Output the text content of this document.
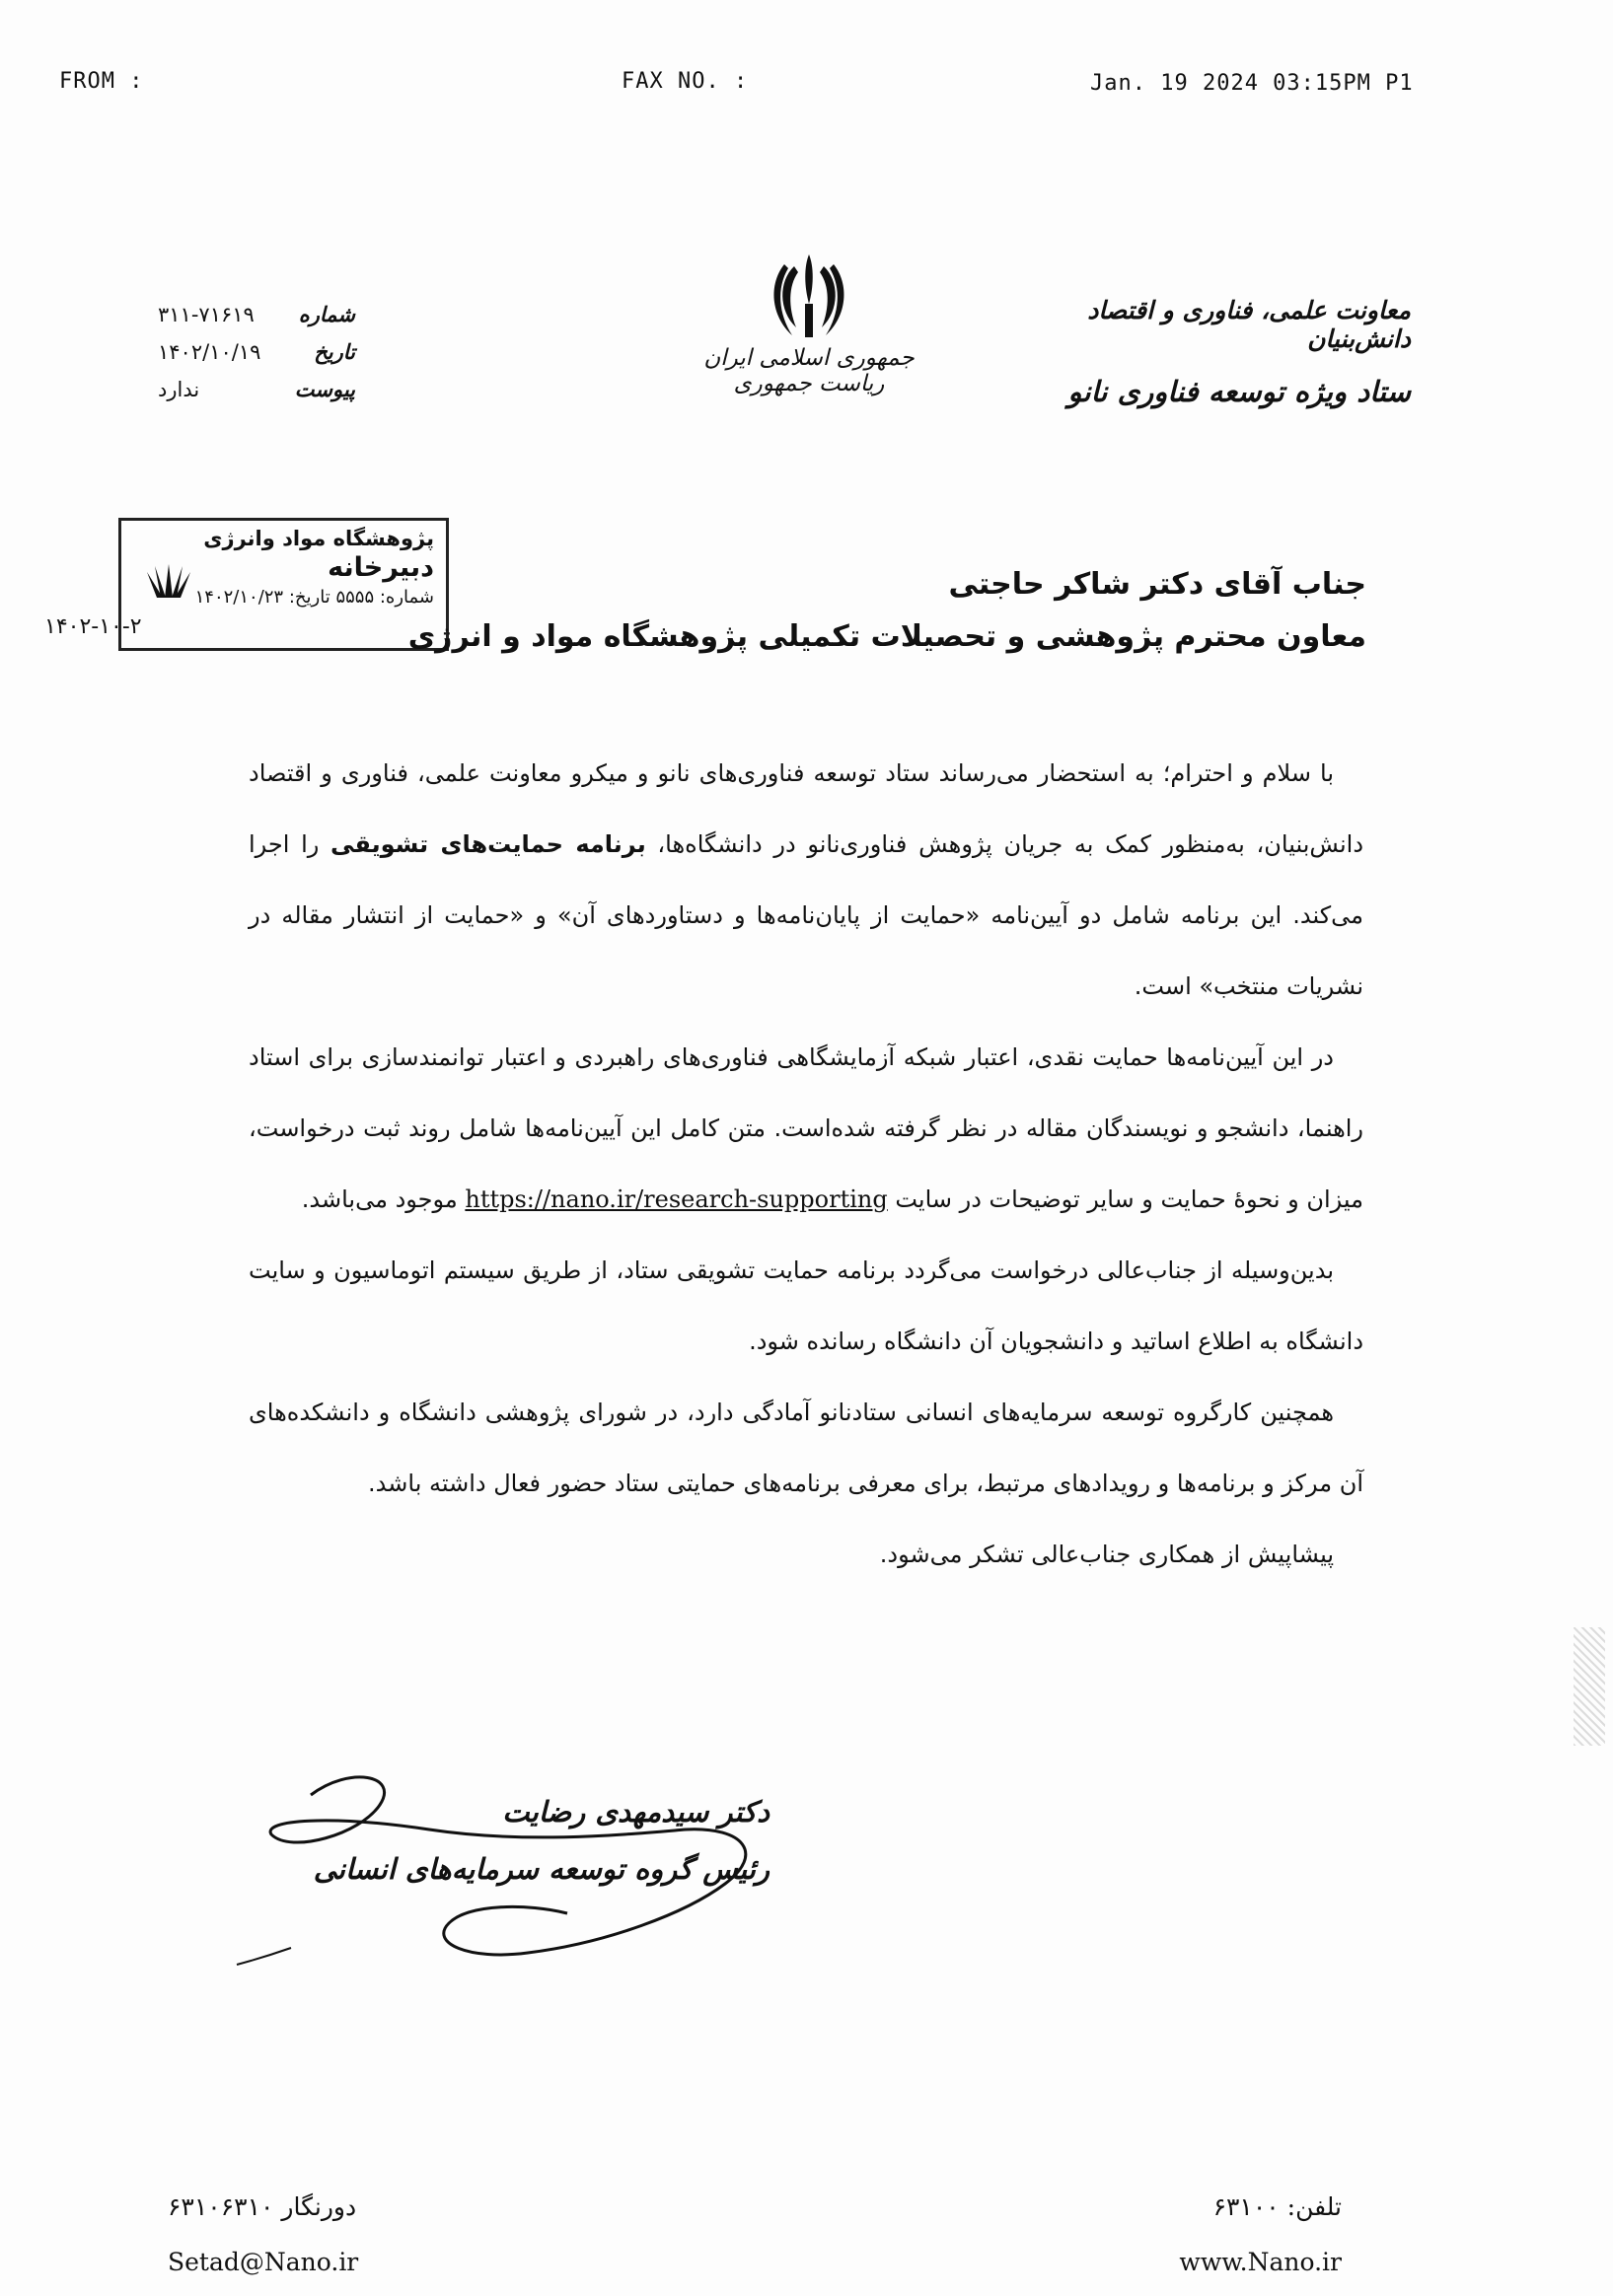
FROM :	FAX NO. :	Jan. 19 2024 03:15PM P1
شماره
۳۱۱-۷۱۶۱۹
تاریخ
۱۴۰۲/۱۰/۱۹
پیوست
ندارد
جمهوری اسلامی ایران
ریاست جمهوری
معاونت علمی، فناوری و اقتصاد دانش‌بنیان
ستاد ویژه توسعه فناوری نانو
پژوهشگاه مواد وانرژی
دبیرخانه
شماره: ۵۵۵۵ تاریخ: ۱۴۰۲/۱۰/۲۳
۱۴۰۲-۱۰-۲
جناب آقای دکتر شاکر حاجتی
معاون محترم پژوهشی و تحصیلات تکمیلی پژوهشگاه مواد و انرژی

با سلام و احترام؛ به استحضار می‌رساند ستاد توسعه فناوری‌های نانو و میکرو معاونت علمی، فناوری و اقتصاد دانش‌بنیان، به‌منظور کمک به جریان پژوهش فناوری‌نانو در دانشگاه‌ها، برنامه حمایت‌های تشویقی را اجرا می‌کند. این برنامه شامل دو آیین‌نامه «حمایت از پایان‌نامه‌ها و دستاوردهای آن» و «حمایت از انتشار مقاله در نشریات منتخب» است.

در این آیین‌نامه‌ها حمایت نقدی، اعتبار شبکه آزمایشگاهی فناوری‌های راهبردی و اعتبار توانمندسازی برای استاد راهنما، دانشجو و نویسندگان مقاله در نظر گرفته شده‌است. متن کامل این آیین‌نامه‌ها شامل روند ثبت درخواست، میزان و نحوهٔ حمایت و سایر توضیحات در سایت https://nano.ir/research-supporting موجود می‌باشد.

بدین‌وسیله از جناب‌عالی درخواست می‌گردد برنامه حمایت تشویقی ستاد، از طریق سیستم اتوماسیون و سایت دانشگاه به اطلاع اساتید و دانشجویان آن دانشگاه رسانده شود.

همچنین کارگروه توسعه سرمایه‌های انسانی ستادنانو آمادگی دارد، در شورای پژوهشی دانشگاه و دانشکده‌های آن مرکز و برنامه‌ها و رویدادهای مرتبط، برای معرفی برنامه‌های حمایتی ستاد حضور فعال داشته باشد.

پیشاپیش از همکاری جناب‌عالی تشکر می‌شود.

دکتر سیدمهدی رضایت
رئیس گروه توسعه سرمایه‌های انسانی
دورنگار ۶۳۱۰۶۳۱۰
Setad@Nano.ir
تلفن: ۶۳۱۰۰
www.Nano.ir
